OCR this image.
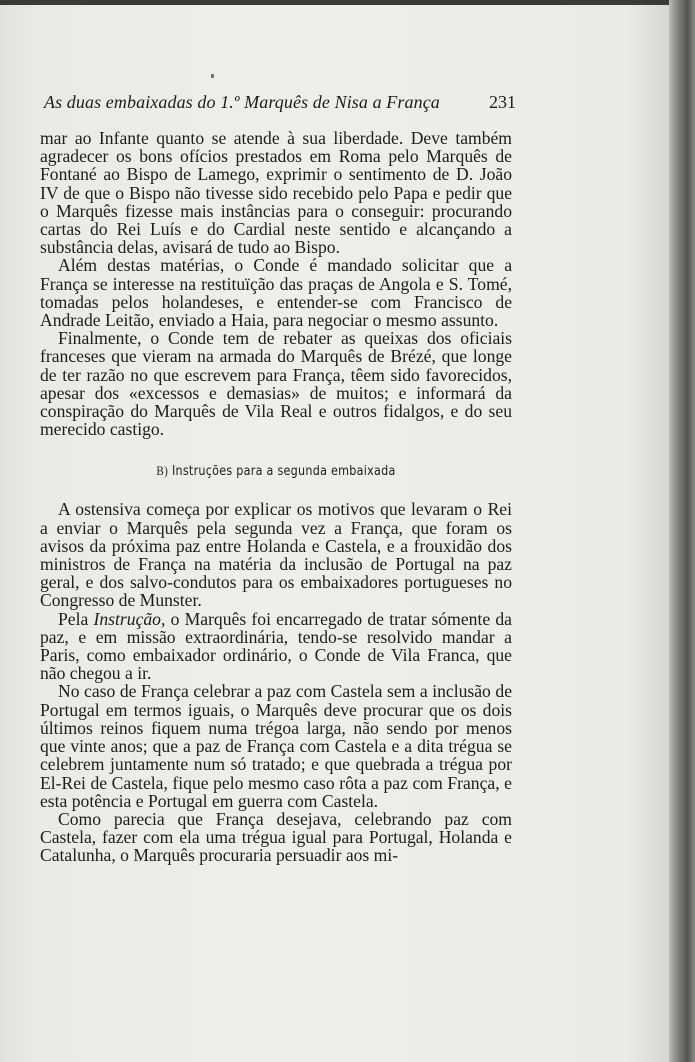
As duas embaixadas do 1.º Marquês de Nisa a França	231

mar ao Infante quanto se atende à sua liberdade. Deve também agradecer os bons ofícios prestados em Roma pelo Marquês de Fontané ao Bispo de Lamego, exprimir o sentimento de D. João IV de que o Bispo não tivesse sido recebido pelo Papa e pedir que o Marquês fizesse mais instâncias para o conseguir: procurando cartas do Rei Luís e do Cardial neste sentido e alcançando a substância delas, avisará de tudo ao Bispo.

Além destas matérias, o Conde é mandado solicitar que a França se interesse na restituïção das praças de Angola e S. Tomé, tomadas pelos holandeses, e entender-se com Francisco de Andrade Leitão, enviado a Haia, para negociar o mesmo assunto.

Finalmente, o Conde tem de rebater as queixas dos oficiais franceses que vieram na armada do Marquês de Brézé, que longe de ter razão no que escrevem para França, têem sido favorecidos, apesar dos «excessos e demasias» de muitos; e informará da conspiração do Marquês de Vila Real e outros fidalgos, e do seu merecido castigo.

B) Instruções para a segunda embaixada

A ostensiva começa por explicar os motivos que levaram o Rei a enviar o Marquês pela segunda vez a França, que foram os avisos da próxima paz entre Holanda e Castela, e a frouxidão dos ministros de França na matéria da inclusão de Portugal na paz geral, e dos salvo-condutos para os embaixadores portugueses no Congresso de Munster.

Pela Instrução, o Marquês foi encarregado de tratar sómente da paz, e em missão extraordinária, tendo-se resolvido mandar a Paris, como embaixador ordinário, o Conde de Vila Franca, que não chegou a ir.

No caso de França celebrar a paz com Castela sem a inclusão de Portugal em termos iguais, o Marquês deve procurar que os dois últimos reinos fiquem numa trégoa larga, não sendo por menos que vinte anos; que a paz de França com Castela e a dita trégua se celebrem juntamente num só tratado; e que quebrada a trégua por El-Rei de Castela, fique pelo mesmo caso rôta a paz com França, e esta potência e Portugal em guerra com Castela.

Como parecia que França desejava, celebrando paz com Castela, fazer com ela uma trégua igual para Portugal, Holanda e Catalunha, o Marquês procuraria persuadir aos mi-
